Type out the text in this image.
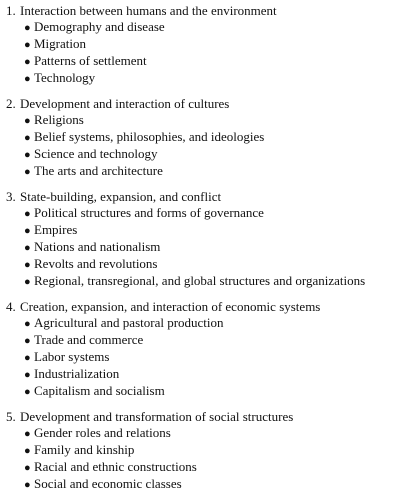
1. Interaction between humans and the environment
● Demography and disease
● Migration
● Patterns of settlement
● Technology
2. Development and interaction of cultures
● Religions
● Belief systems, philosophies, and ideologies
● Science and technology
● The arts and architecture
3. State-building, expansion, and conflict
● Political structures and forms of governance
● Empires
● Nations and nationalism
● Revolts and revolutions
● Regional, transregional, and global structures and organizations
4. Creation, expansion, and interaction of economic systems
● Agricultural and pastoral production
● Trade and commerce
● Labor systems
● Industrialization
● Capitalism and socialism
5. Development and transformation of social structures
● Gender roles and relations
● Family and kinship
● Racial and ethnic constructions
● Social and economic classes
